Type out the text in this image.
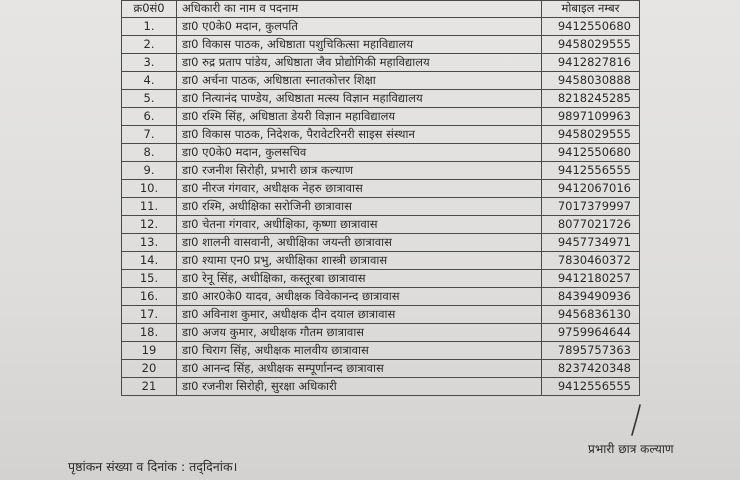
क्र0सं0	अधिकारी का नाम व पदनाम	मोबाइल नम्बर
1.	डा0 ए0के0 मदान, कुलपति	9412550680
2.	डा0 विकास पाठक, अधिष्ठाता पशुचिकित्सा महाविद्यालय	9458029555
3.	डा0 रुद्र प्रताप पांडेय, अधिष्ठाता जैव प्रोद्योगिकी महाविद्यालय	9412827816
4.	डा0 अर्चना पाठक, अधिष्ठाता स्नातकोत्तर शिक्षा	9458030888
5.	डा0 नित्यानंद पाण्डेय, अधिष्ठाता मत्स्य विज्ञान महाविद्यालय	8218245285
6.	डा0 रश्मि सिंह, अधिष्ठाता डेयरी विज्ञान महाविद्यालय	9897109963
7.	डा0 विकास पाठक, निदेशक, पैरावेटरिनरी साइस संस्थान	9458029555
8.	डा0 ए0के0 मदान, कुलसचिव	9412550680
9.	डा0 रजनीश सिरोही, प्रभारी छात्र कल्याण	9412556555
10.	डा0 नीरज गंगवार, अधीक्षक नेहरु छात्रावास	9412067016
11.	डा0 रश्मि, अधीक्षिका सरोजिनी छात्रावास	7017379997
12.	डा0 चेतना गंगवार, अधीक्षिका, कृष्णा छात्रावास	8077021726
13.	डा0 शालनी वासवानी, अधीक्षिका जयन्ती छात्रावास	9457734971
14.	डा0 श्यामा एन0 प्रभु, अधीक्षिका शास्त्री छात्रावास	7830460372
15.	डा0 रेनू सिंह, अधीक्षिका, कस्तूरबा छात्रावास	9412180257
16.	डा0 आर0के0 यादव, अधीक्षक विवेकानन्द छात्रावास	8439490936
17.	डा0 अविनाश कुमार, अधीक्षक दीन दयाल छात्रावास	9456836130
18.	डा0 अजय कुमार, अधीक्षक गौतम छात्रावास	9759964644
19	डा0 चिराग सिंह, अधीक्षक मालवीय छात्रावास	7895757363
20	डा0 आनन्द सिंह, अधीक्षक सम्पूर्णानन्द छात्रावास	8237420348
21	डा0 रजनीश सिरोही, सुरक्षा अधिकारी	9412556555
प्रभारी छात्र कल्याण
पृष्ठांकन संख्या व दिनांक : तद्‌दिनांक।
